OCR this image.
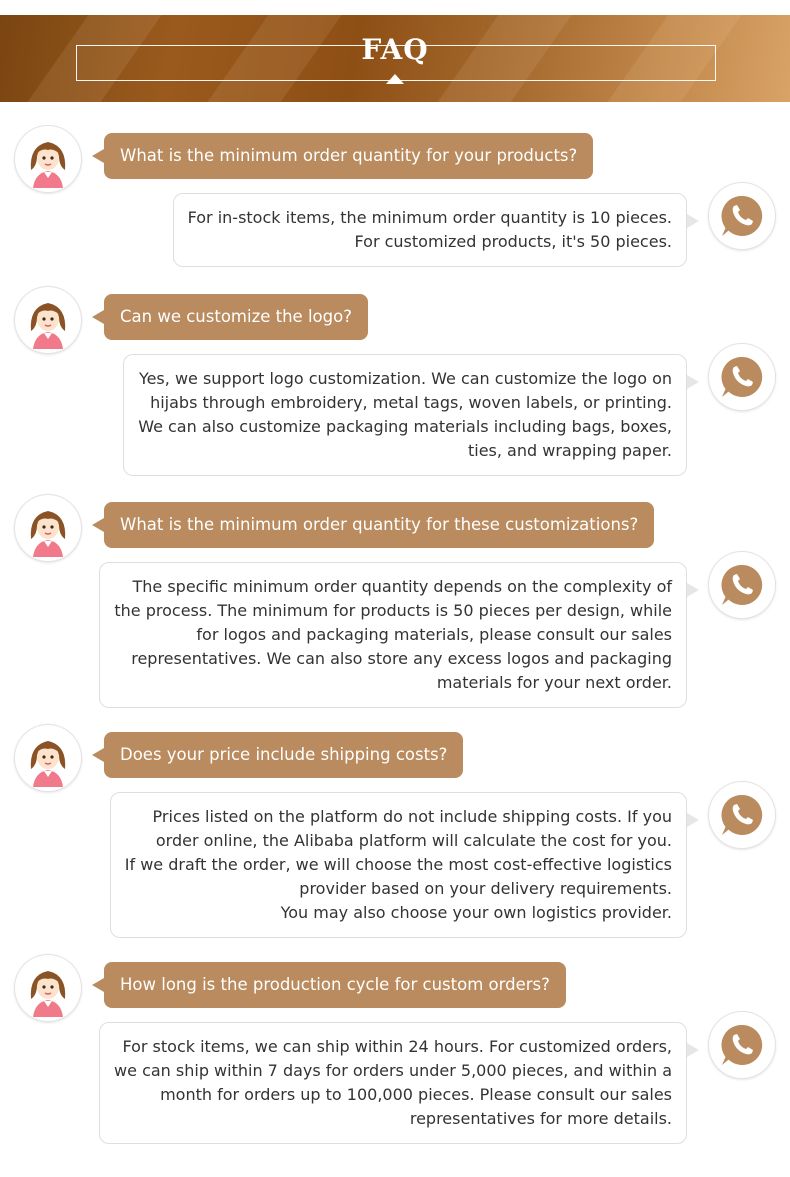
FAQ
What is the minimum order quantity for your products?
For in-stock items, the minimum order quantity is 10 pieces.
For customized products, it's 50 pieces.
Can we customize the logo?
Yes, we support logo customization. We can customize the logo on
hijabs through embroidery, metal tags, woven labels, or printing.
We can also customize packaging materials including bags, boxes,
ties, and wrapping paper.
What is the minimum order quantity for these customizations?
The specific minimum order quantity depends on the complexity of
the process. The minimum for products is 50 pieces per design, while
for logos and packaging materials, please consult our sales
representatives. We can also store any excess logos and packaging
materials for your next order.
Does your price include shipping costs?
Prices listed on the platform do not include shipping costs. If you
order online, the Alibaba platform will calculate the cost for you.
If we draft the order, we will choose the most cost-effective logistics
provider based on your delivery requirements.
You may also choose your own logistics provider.
How long is the production cycle for custom orders?
For stock items, we can ship within 24 hours. For customized orders,
we can ship within 7 days for orders under 5,000 pieces, and within a
month for orders up to 100,000 pieces. Please consult our sales
representatives for more details.
